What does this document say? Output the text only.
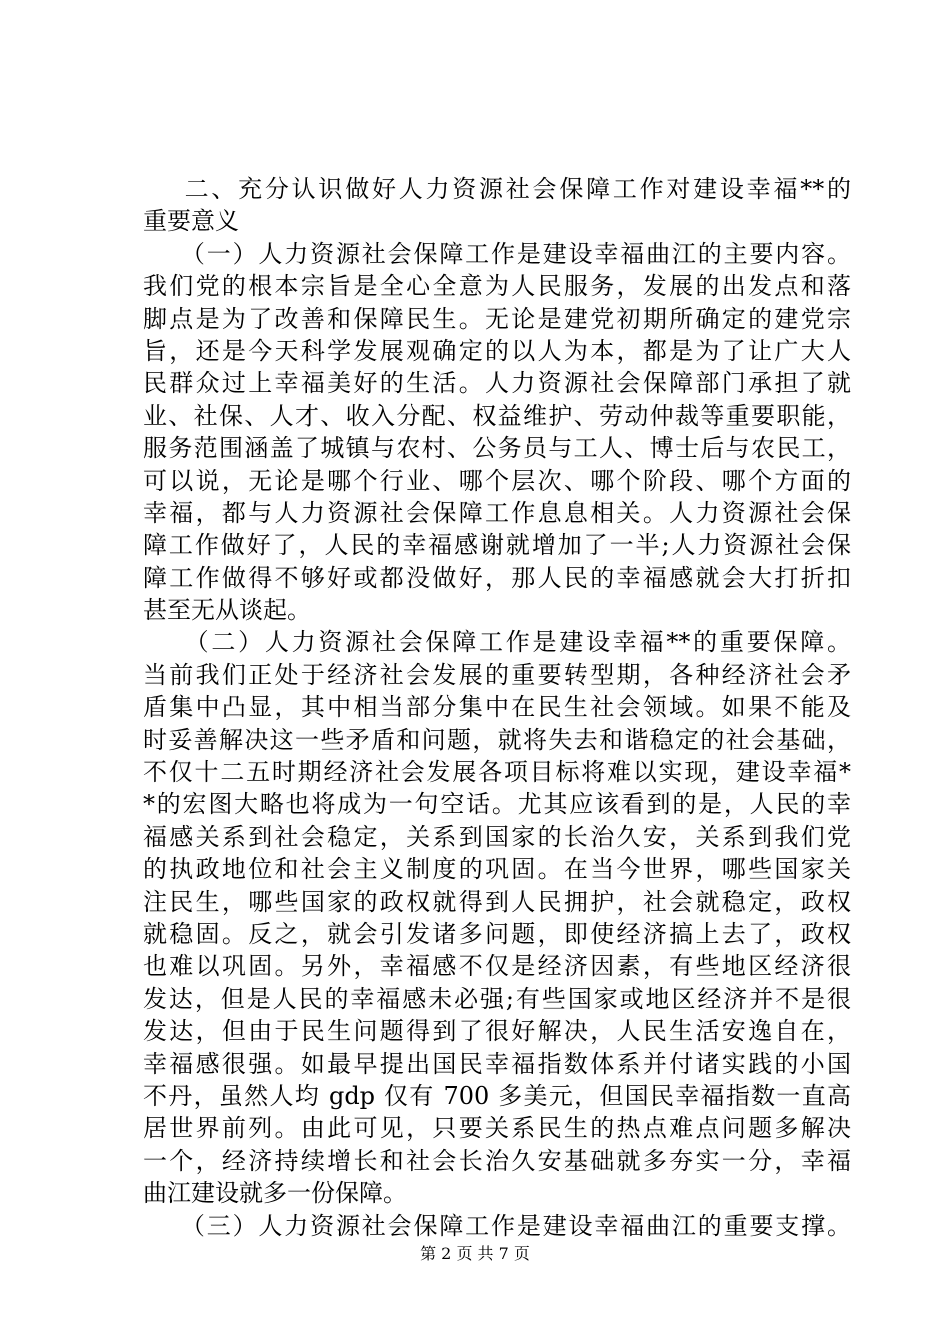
二、充分认识做好人力资源社会保障工作对建设幸福**的
重要意义
（一）人力资源社会保障工作是建设幸福曲江的主要内容。
我们党的根本宗旨是全心全意为人民服务，发展的出发点和落
脚点是为了改善和保障民生。无论是建党初期所确定的建党宗
旨，还是今天科学发展观确定的以人为本，都是为了让广大人
民群众过上幸福美好的生活。人力资源社会保障部门承担了就
业、社保、人才、收入分配、权益维护、劳动仲裁等重要职能，
服务范围涵盖了城镇与农村、公务员与工人、博士后与农民工，
可以说，无论是哪个行业、哪个层次、哪个阶段、哪个方面的
幸福，都与人力资源社会保障工作息息相关。人力资源社会保
障工作做好了，人民的幸福感谢就增加了一半;人力资源社会保
障工作做得不够好或都没做好，那人民的幸福感就会大打折扣
甚至无从谈起。
（二）人力资源社会保障工作是建设幸福**的重要保障。
当前我们正处于经济社会发展的重要转型期，各种经济社会矛
盾集中凸显，其中相当部分集中在民生社会领域。如果不能及
时妥善解决这一些矛盾和问题，就将失去和谐稳定的社会基础，
不仅十二五时期经济社会发展各项目标将难以实现，建设幸福*
*的宏图大略也将成为一句空话。尤其应该看到的是，人民的幸
福感关系到社会稳定，关系到国家的长治久安，关系到我们党
的执政地位和社会主义制度的巩固。在当今世界，哪些国家关
注民生，哪些国家的政权就得到人民拥护，社会就稳定，政权
就稳固。反之，就会引发诸多问题，即使经济搞上去了，政权
也难以巩固。另外，幸福感不仅是经济因素，有些地区经济很
发达，但是人民的幸福感未必强;有些国家或地区经济并不是很
发达，但由于民生问题得到了很好解决，人民生活安逸自在，
幸福感很强。如最早提出国民幸福指数体系并付诸实践的小国
不丹，虽然人均 gdp 仅有 700 多美元，但国民幸福指数一直高
居世界前列。由此可见，只要关系民生的热点难点问题多解决
一个，经济持续增长和社会长治久安基础就多夯实一分，幸福
曲江建设就多一份保障。
（三）人力资源社会保障工作是建设幸福曲江的重要支撑。
第 2 页 共 7 页
